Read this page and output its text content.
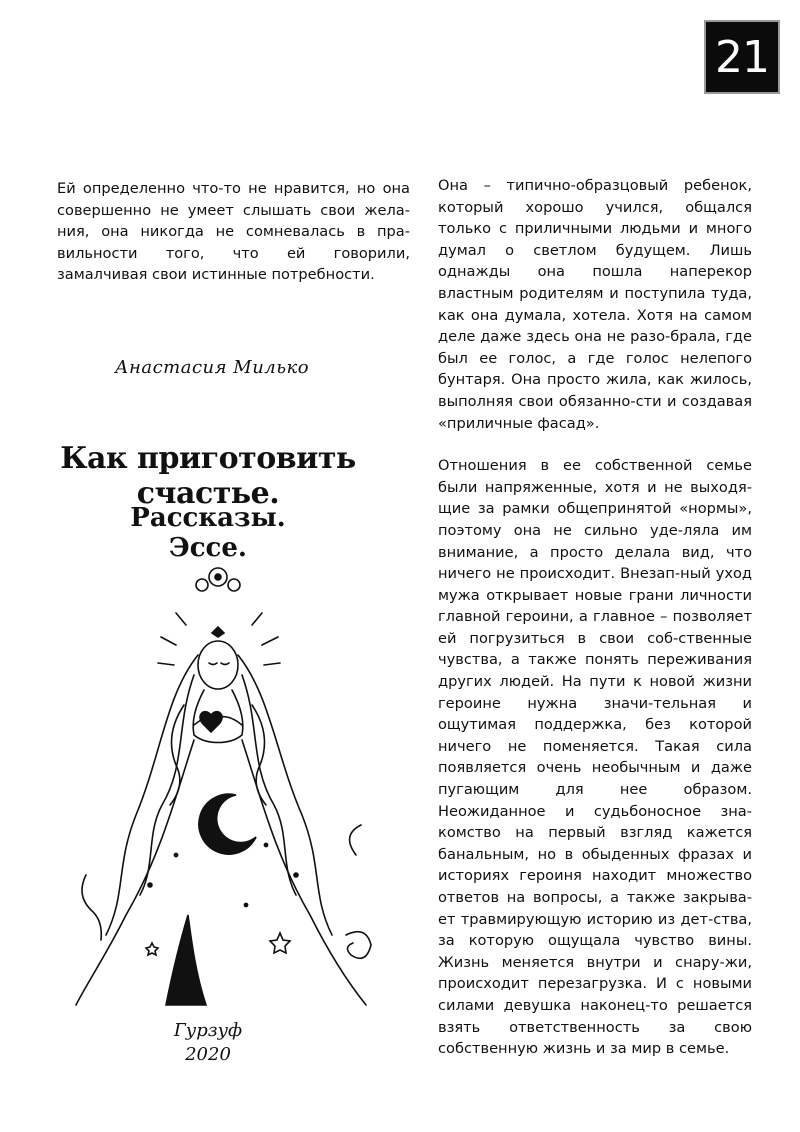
21
Ей определенно что-то не нравится, но она совершенно не умеет слышать свои жела-ния, она никогда не сомневалась в пра-вильности того, что ей говорили, замалчивая свои истинные потребности.
Анастасия Милько
Как приготовить счастье.
Рассказы. Эссе.
Гурзуф
2020

Она – типично-образцовый ребенок, который хорошо учился, общался только с приличными людьми и много думал о светлом будущем. Лишь однажды она пошла наперекор властным родителям и поступила туда, как она думала, хотела. Хотя на самом деле даже здесь она не разо-брала, где был ее голос, а где голос нелепого бунтаря. Она просто жила, как жилось, выполняя свои обязанно-сти и создавая «приличные фасад».

Отношения в ее собственной семье были напряженные, хотя и не выходя-щие за рамки общепринятой «нормы», поэтому она не сильно уде-ляла им внимание, а просто делала вид, что ничего не происходит. Внезап-ный уход мужа открывает новые грани личности главной героини, а главное – позволяет ей погрузиться в свои соб-ственные чувства, а также понять переживания других людей. На пути к новой жизни героине нужна значи-тельная и ощутимая поддержка, без которой ничего не поменяется. Такая сила появляется очень необычным и даже пугающим для нее образом. Неожиданное и судьбоносное зна-комство на первый взгляд кажется банальным, но в обыденных фразах и историях героиня находит множество ответов на вопросы, а также закрыва-ет травмирующую историю из дет-ства, за которую ощущала чувство вины. Жизнь меняется внутри и снару-жи, происходит перезагрузка. И с новыми силами девушка наконец-то решается взять ответственность за свою собственную жизнь и за мир в семье.
